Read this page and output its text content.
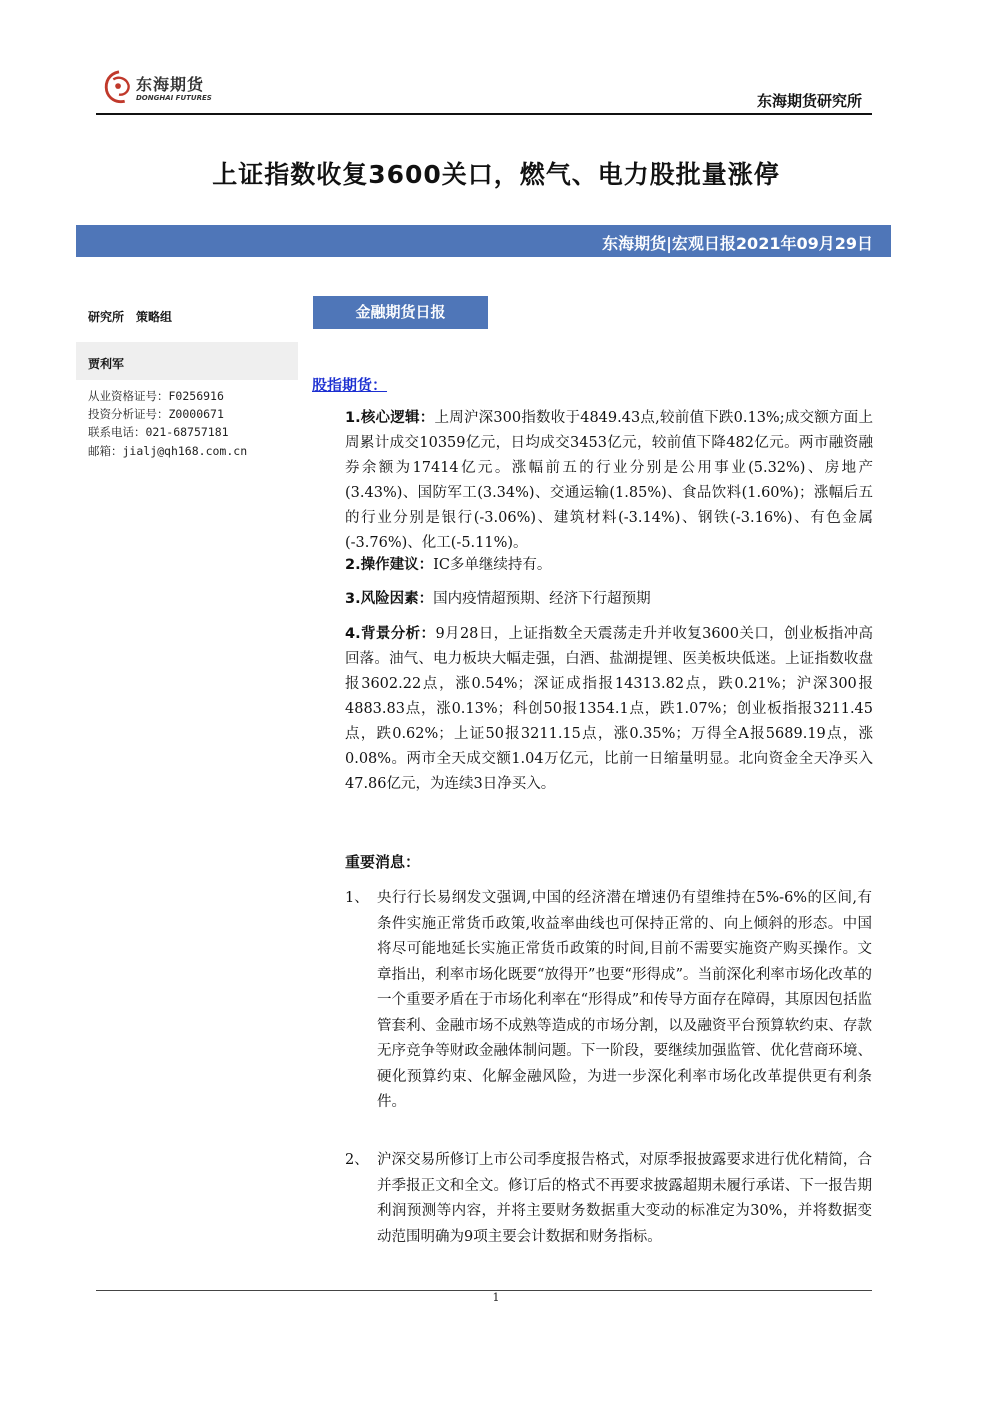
东海期货
DONGHAI FUTURES	东海期货研究所
上证指数收复3600关口，燃气、电力股批量涨停
东海期货|宏观日报2021年09月29日
研究所　策略组
贾利军
从业资格证号：F0256916
投资分析证号：Z0000671
联系电话：021-68757181
邮箱：jialj@qh168.com.cn
金融期货日报
股指期货：
1.核心逻辑：上周沪深300指数收于4849.43点,较前值下跌0.13%;成交额方面上周累计成交10359亿元，日均成交3453亿元，较前值下降482亿元。两市融资融券余额为17414亿元。涨幅前五的行业分别是公用事业(5.32%)、房地产(3.43%)、国防军工(3.34%)、交通运输(1.85%)、食品饮料(1.60%)；涨幅后五的行业分别是银行(-3.06%)、建筑材料(-3.14%)、钢铁(-3.16%)、有色金属(-3.76%)、化工(-5.11%)。
2.操作建议：IC多单继续持有。
3.风险因素：国内疫情超预期、经济下行超预期
4.背景分析：9月28日，上证指数全天震荡走升并收复3600关口，创业板指冲高回落。油气、电力板块大幅走强，白酒、盐湖提锂、医美板块低迷。上证指数收盘报3602.22点，涨0.54%；深证成指报14313.82点，跌0.21%；沪深300报4883.83点，涨0.13%；科创50报1354.1点，跌1.07%；创业板指报3211.45点，跌0.62%；上证50报3211.15点，涨0.35%；万得全A报5689.19点，涨0.08%。两市全天成交额1.04万亿元，比前一日缩量明显。北向资金全天净买入47.86亿元，为连续3日净买入。
重要消息：
1、 央行行长易纲发文强调,中国的经济潜在增速仍有望维持在5%-6%的区间,有条件实施正常货币政策,收益率曲线也可保持正常的、向上倾斜的形态。中国将尽可能地延长实施正常货币政策的时间,目前不需要实施资产购买操作。文章指出，利率市场化既要“放得开”也要“形得成”。当前深化利率市场化改革的一个重要矛盾在于市场化利率在“形得成”和传导方面存在障碍，其原因包括监管套利、金融市场不成熟等造成的市场分割，以及融资平台预算软约束、存款无序竞争等财政金融体制问题。下一阶段，要继续加强监管、优化营商环境、硬化预算约束、化解金融风险，为进一步深化利率市场化改革提供更有利条件。
2、 沪深交易所修订上市公司季度报告格式，对原季报披露要求进行优化精简，合并季报正文和全文。修订后的格式不再要求披露超期未履行承诺、下一报告期利润预测等内容，并将主要财务数据重大变动的标准定为30%，并将数据变动范围明确为9项主要会计数据和财务指标。
1
